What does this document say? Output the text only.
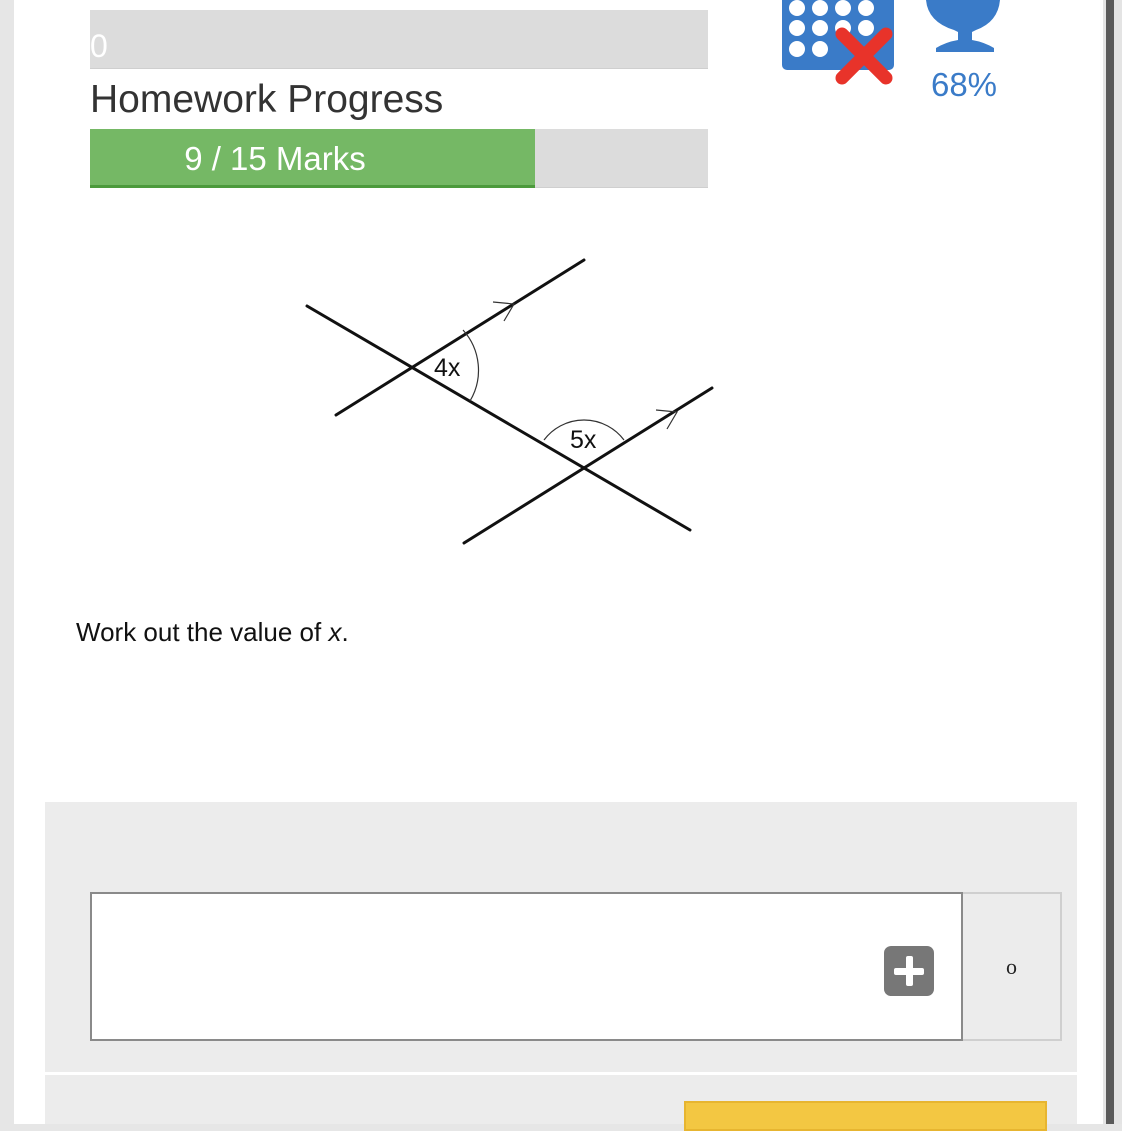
0
Homework Progress
9 / 15 Marks
68%
4x
5x
Work out the value of x.
o
